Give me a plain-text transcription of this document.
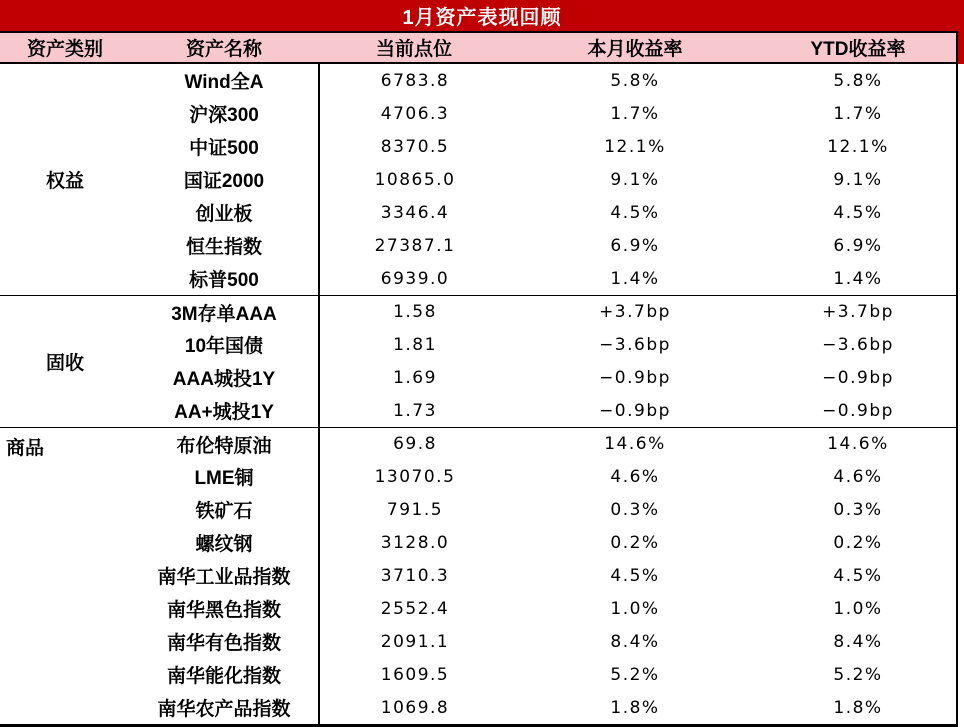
1月资产表现回顾
资产类别	资产名称	当前点位	本月收益率	YTD收益率
权益
Wind全A	6783.8	5.8%	5.8%
沪深300	4706.3	1.7%	1.7%
中证500	8370.5	12.1%	12.1%
国证2000	10865.0	9.1%	9.1%
创业板	3346.4	4.5%	4.5%
恒生指数	27387.1	6.9%	6.9%
标普500	6939.0	1.4%	1.4%
固收
3M存单AAA	1.58	+3.7bp	+3.7bp
10年国债	1.81	−3.6bp	−3.6bp
AAA城投1Y	1.69	−0.9bp	−0.9bp
AA+城投1Y	1.73	−0.9bp	−0.9bp
商品	布伦特原油	69.8	14.6%	14.6%
LME铜	13070.5	4.6%	4.6%
铁矿石	791.5	0.3%	0.3%
螺纹钢	3128.0	0.2%	0.2%
南华工业品指数	3710.3	4.5%	4.5%
南华黑色指数	2552.4	1.0%	1.0%
南华有色指数	2091.1	8.4%	8.4%
南华能化指数	1609.5	5.2%	5.2%
南华农产品指数	1069.8	1.8%	1.8%
